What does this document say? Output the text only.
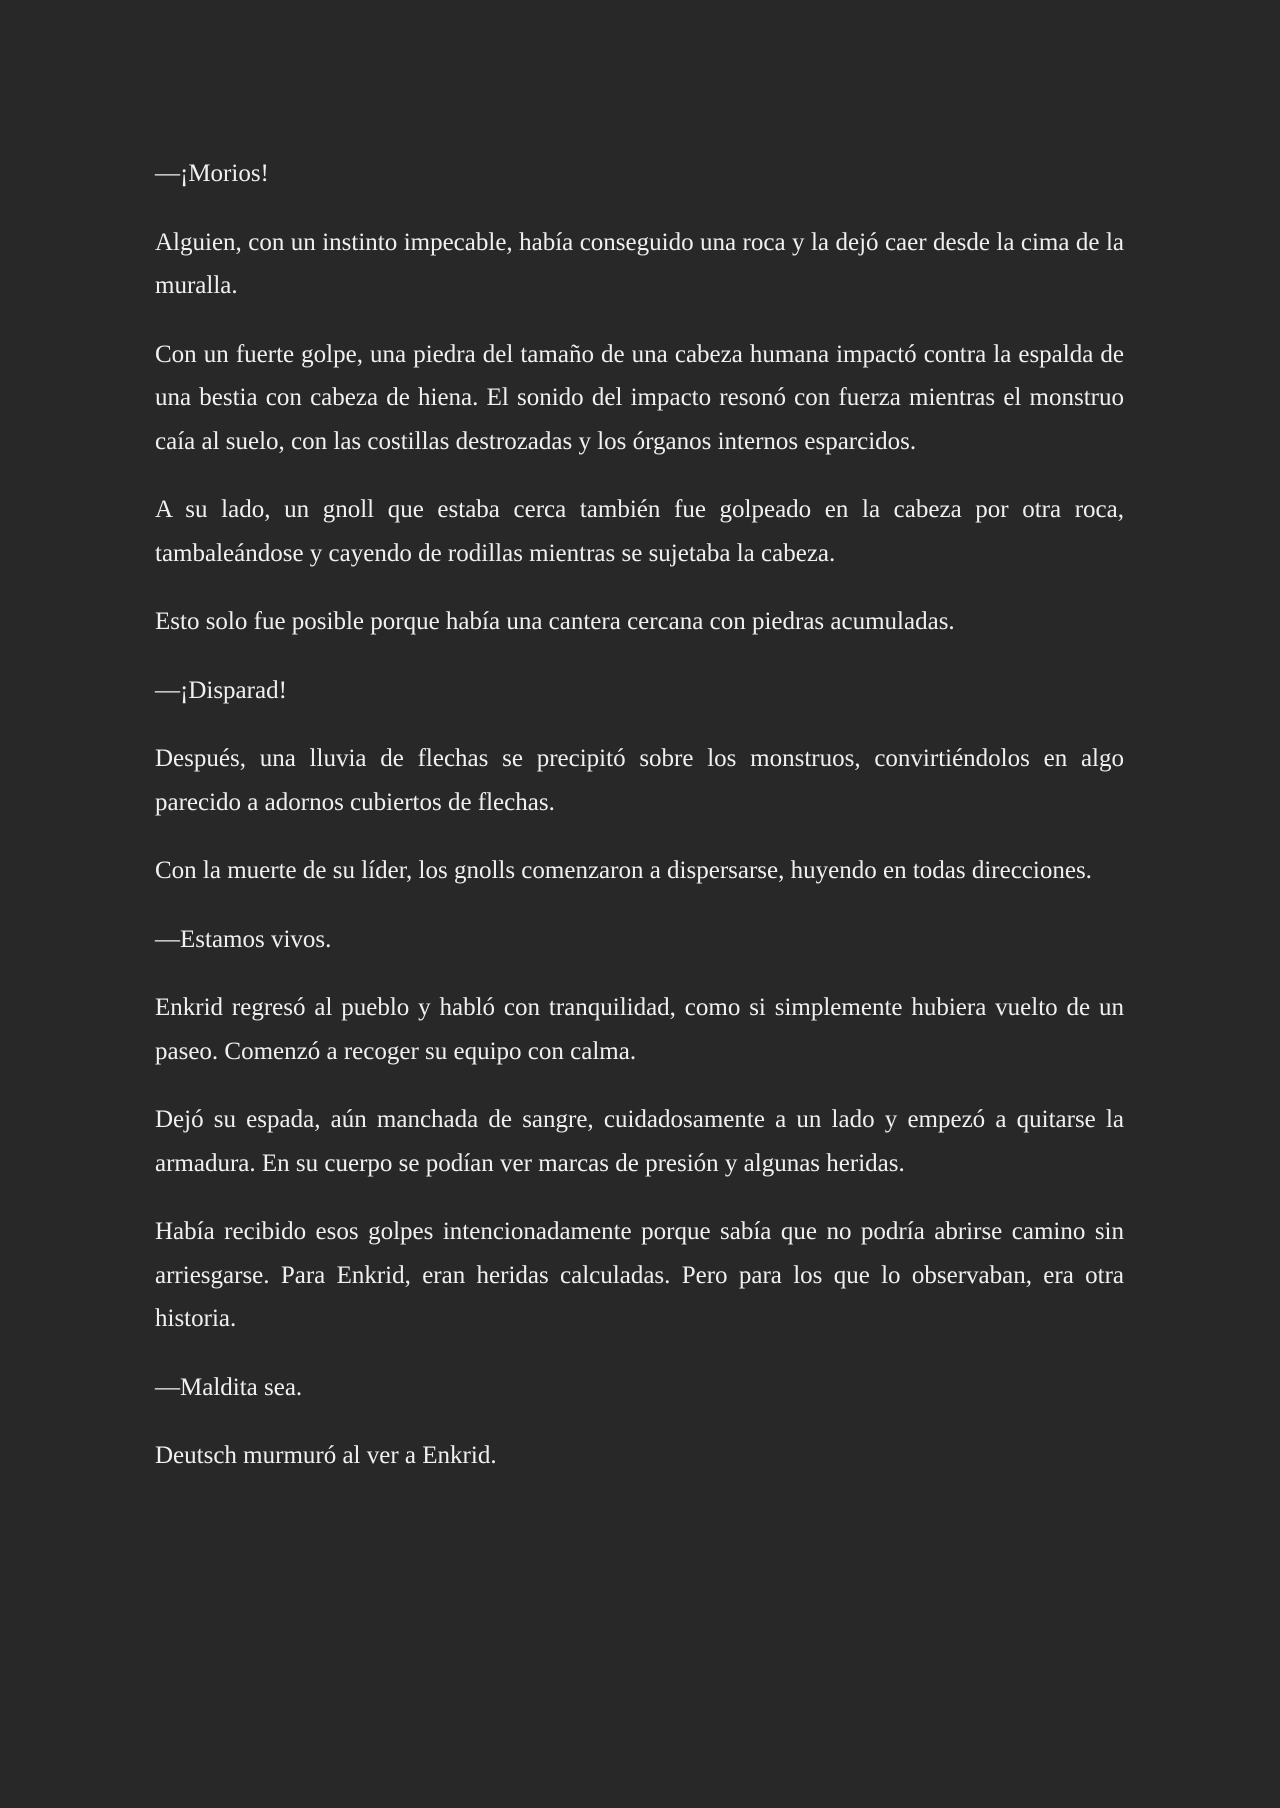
—¡Morios!

Alguien, con un instinto impecable, había conseguido una roca y la dejó caer desde la cima de la muralla.

Con un fuerte golpe, una piedra del tamaño de una cabeza humana impactó contra la espalda de una bestia con cabeza de hiena. El sonido del impacto resonó con fuerza mientras el monstruo caía al suelo, con las costillas destrozadas y los órganos internos esparcidos.

A su lado, un gnoll que estaba cerca también fue golpeado en la cabeza por otra roca, tambaleándose y cayendo de rodillas mientras se sujetaba la cabeza.

Esto solo fue posible porque había una cantera cercana con piedras acumuladas.

—¡Disparad!

Después, una lluvia de flechas se precipitó sobre los monstruos, convirtiéndolos en algo parecido a adornos cubiertos de flechas.

Con la muerte de su líder, los gnolls comenzaron a dispersarse, huyendo en todas direcciones.

—Estamos vivos.

Enkrid regresó al pueblo y habló con tranquilidad, como si simplemente hubiera vuelto de un paseo. Comenzó a recoger su equipo con calma.

Dejó su espada, aún manchada de sangre, cuidadosamente a un lado y empezó a quitarse la armadura. En su cuerpo se podían ver marcas de presión y algunas heridas.

Había recibido esos golpes intencionadamente porque sabía que no podría abrirse camino sin arriesgarse. Para Enkrid, eran heridas calculadas. Pero para los que lo observaban, era otra historia.

—Maldita sea.

Deutsch murmuró al ver a Enkrid.
